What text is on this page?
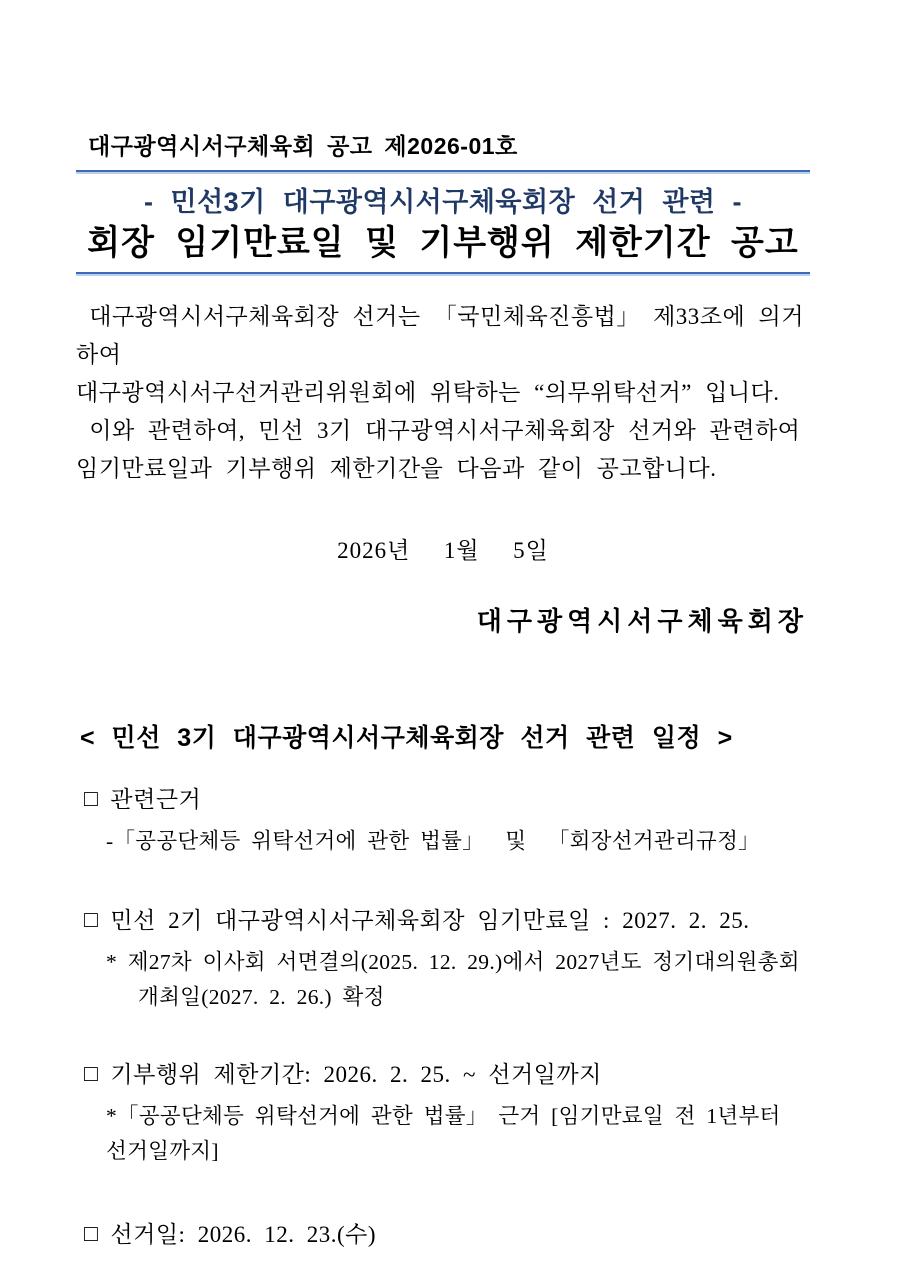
대구광역시서구체육회 공고 제2026-01호
- 민선3기 대구광역시서구체육회장 선거 관련 -
회장 임기만료일 및 기부행위 제한기간 공고
대구광역시서구체육회장 선거는 「국민체육진흥법」 제33조에 의거하여
대구광역시서구선거관리위원회에 위탁하는 “의무위탁선거” 입니다.
이와 관련하여, 민선 3기 대구광역시서구체육회장 선거와 관련하여
임기만료일과 기부행위 제한기간을 다음과 같이 공고합니다.
2026년  1월  5일
대구광역시서구체육회장
< 민선 3기 대구광역시서구체육회장 선거 관련 일정 >
□ 관련근거
-「공공단체등 위탁선거에 관한 법률」  및  「회장선거관리규정」
□ 민선 2기 대구광역시서구체육회장 임기만료일 : 2027. 2. 25.
* 제27차 이사회 서면결의(2025. 12. 29.)에서 2027년도 정기대의원총회
개최일(2027. 2. 26.) 확정
□ 기부행위 제한기간: 2026. 2. 25. ~ 선거일까지
*「공공단체등 위탁선거에 관한 법률」 근거 [임기만료일 전 1년부터 선거일까지]
□ 선거일: 2026. 12. 23.(수)
